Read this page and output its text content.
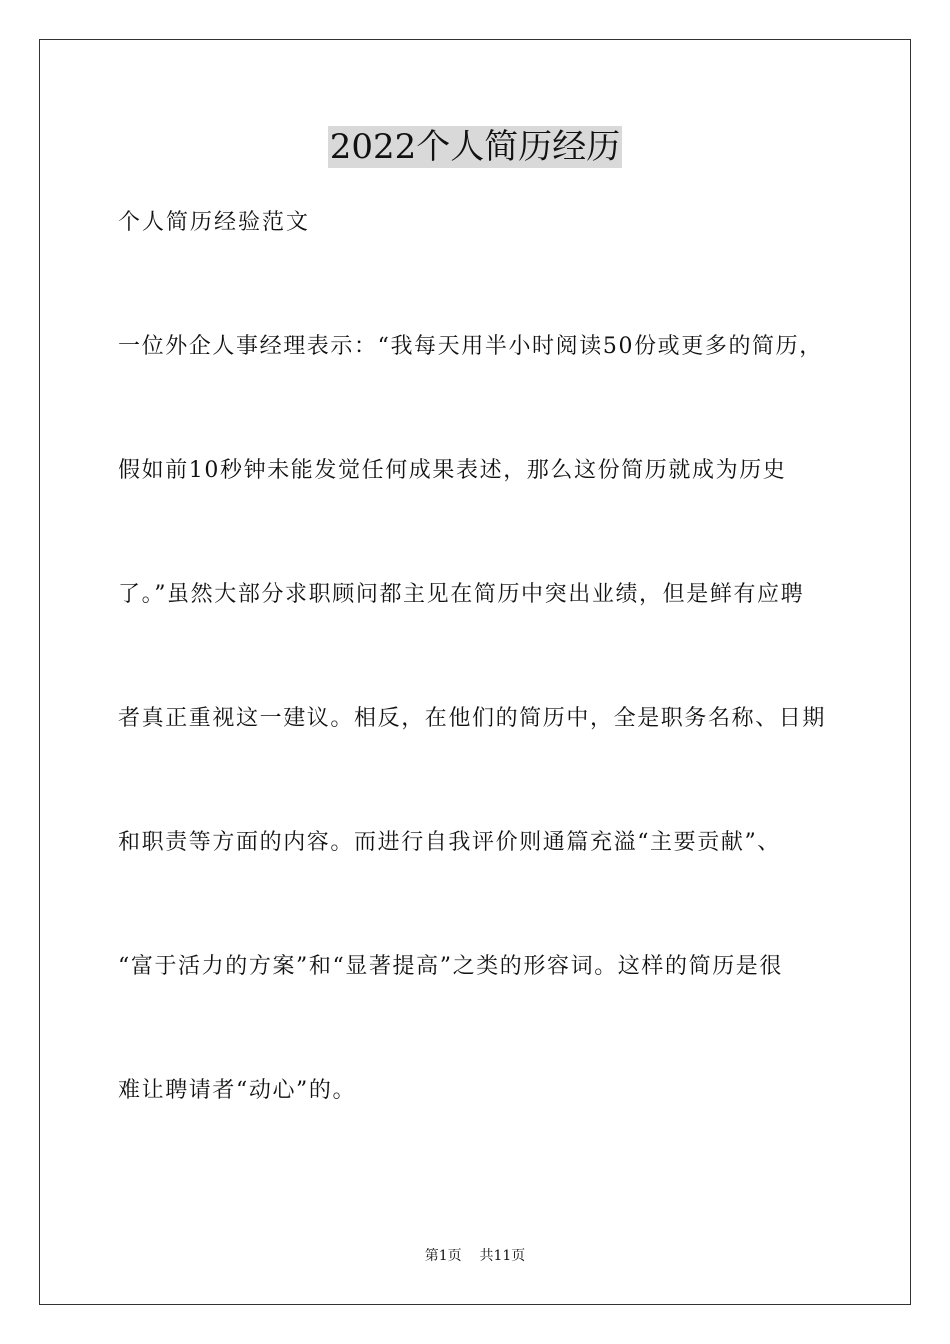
2022个人简历经历
个人简历经验范文
一位外企人事经理表示：“我每天用半小时阅读50份或更多的简历，
假如前10秒钟未能发觉任何成果表述，那么这份简历就成为历史
了。”虽然大部分求职顾问都主见在简历中突出业绩，但是鲜有应聘
者真正重视这一建议。相反，在他们的简历中，全是职务名称、日期
和职责等方面的内容。而进行自我评价则通篇充溢“主要贡献”、
“富于活力的方案”和“显著提高”之类的形容词。这样的简历是很
难让聘请者“动心”的。
第1页 共11页
